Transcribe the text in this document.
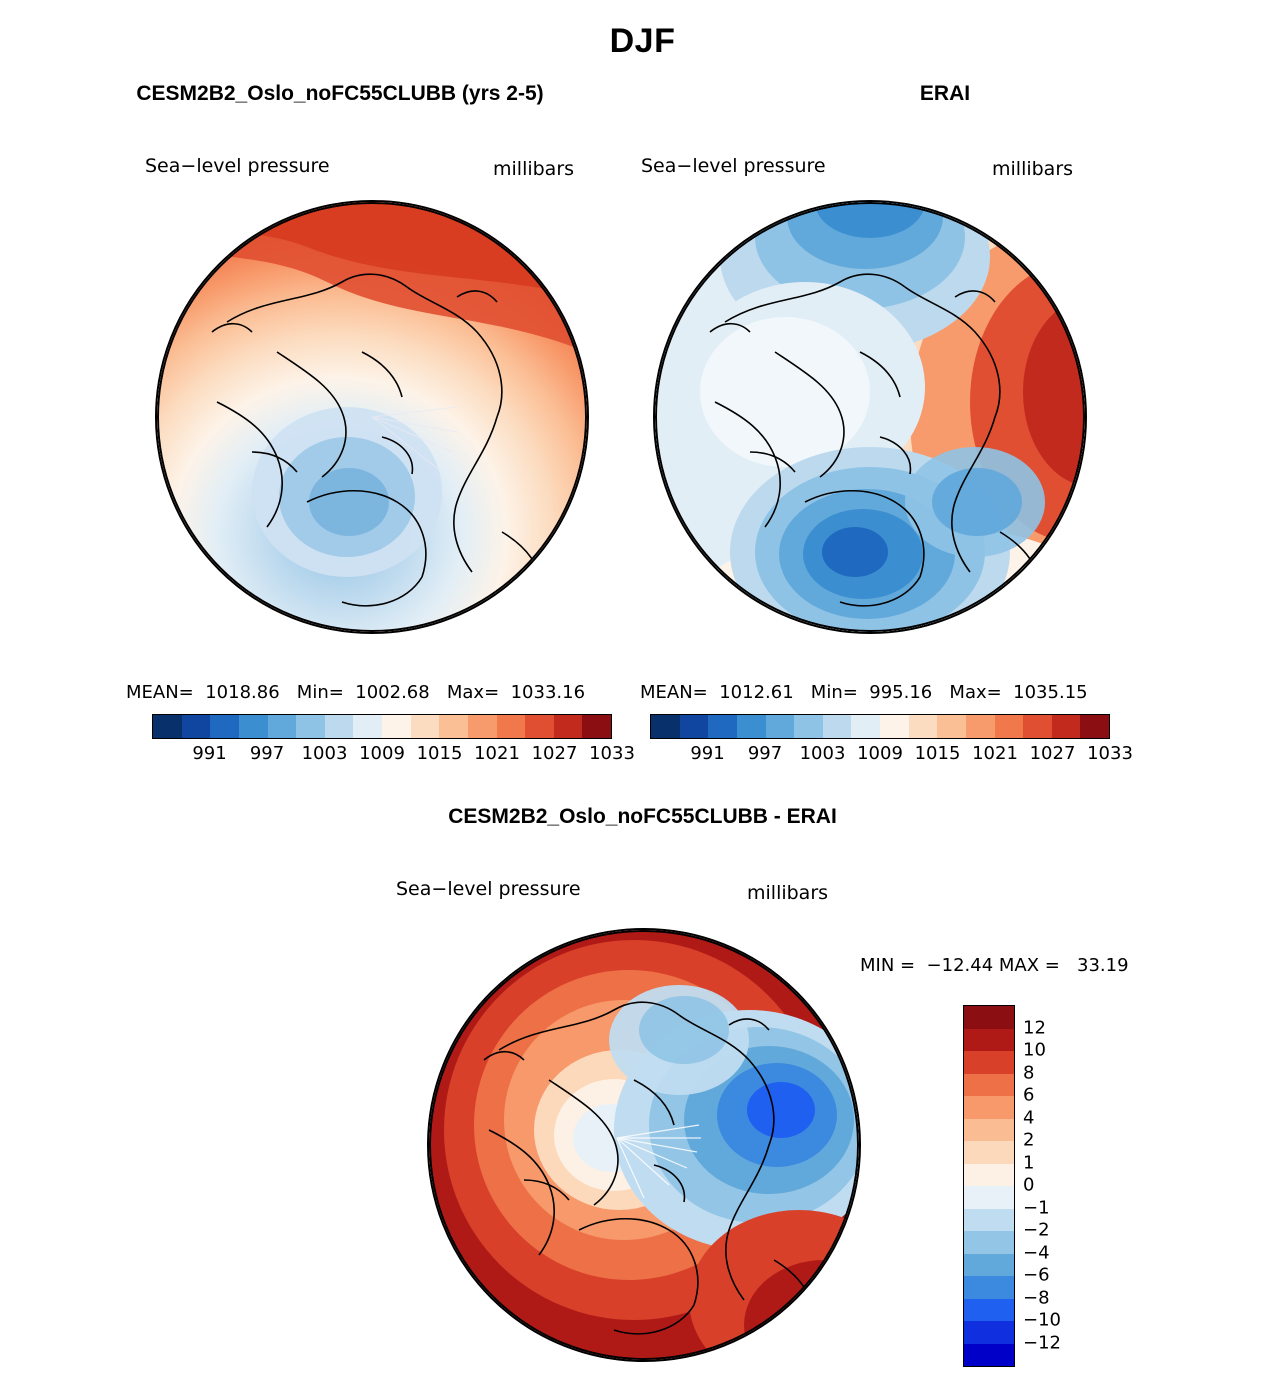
DJF
CESM2B2_Oslo_noFC55CLUBB (yrs 2-5)
Sea−level pressure	millibars
MEAN=  1018.86   Min=  1002.68   Max=  1033.16
991 997 1003 1009 1015 1021 1027 1033
ERAI
Sea−level pressure	millibars
MEAN=  1012.61   Min=  995.16   Max=  1035.15
991 997 1003 1009 1015 1021 1027 1033
CESM2B2_Oslo_noFC55CLUBB - ERAI
Sea−level pressure	millibars
MIN =  −12.44 MAX =   33.19
12
10
8
6
4
2
1
0
−1
−2
−4
−6
−8
−10
−12
